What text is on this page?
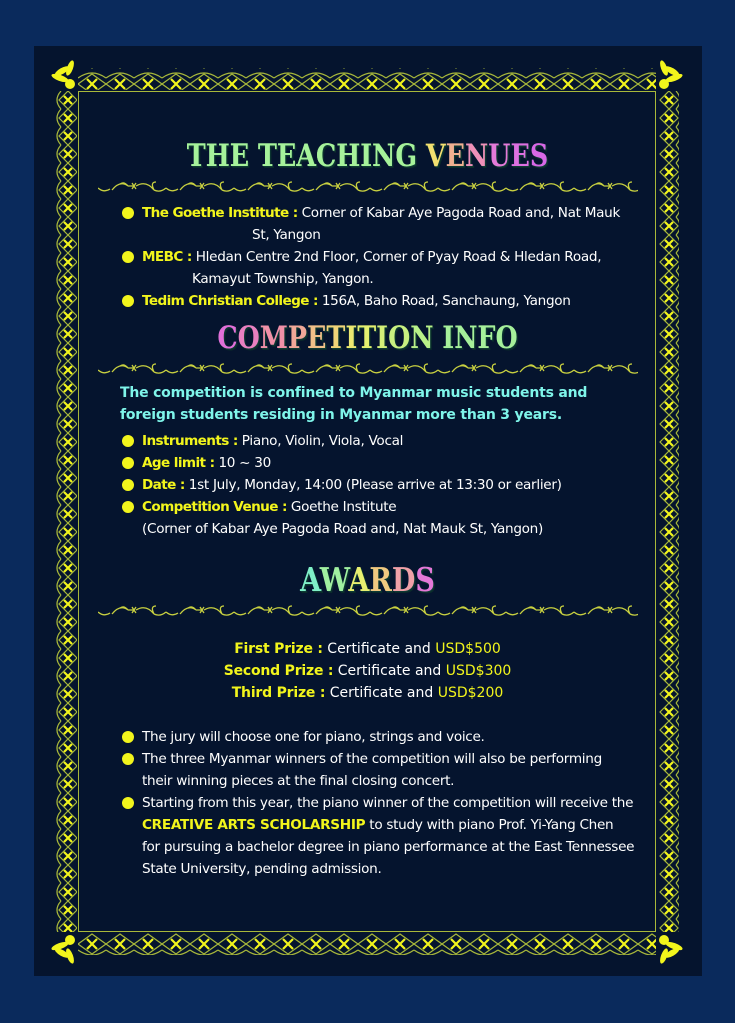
THE TEACHING VENUES
The Goethe Institute : Corner of Kabar Aye Pagoda Road and, Nat Mauk
St, Yangon
MEBC : Hledan Centre 2nd Floor, Corner of Pyay Road & Hledan Road,
Kamayut Township, Yangon.
Tedim Christian College : 156A, Baho Road, Sanchaung, Yangon
COMPETITION INFO
The competition is confined to Myanmar music students and foreign students residing in Myanmar more than 3 years.
Instruments : Piano, Violin, Viola, Vocal
Age limit : 10 ~ 30
Date : 1st July, Monday, 14:00 (Please arrive at 13:30 or earlier)
Competition Venue : Goethe Institute
(Corner of Kabar Aye Pagoda Road and, Nat Mauk St, Yangon)
AWARDS
First Prize : Certificate and USD$500
Second Prize : Certificate and USD$300
Third Prize : Certificate and USD$200
The jury will choose one for piano, strings and voice.
The three Myanmar winners of the competition will also be performing their winning pieces at the final closing concert.
Starting from this year, the piano winner of the competition will receive the CREATIVE ARTS SCHOLARSHIP to study with piano Prof. Yi-Yang Chen for pursuing a bachelor degree in piano performance at the East Tennessee State University, pending admission.
